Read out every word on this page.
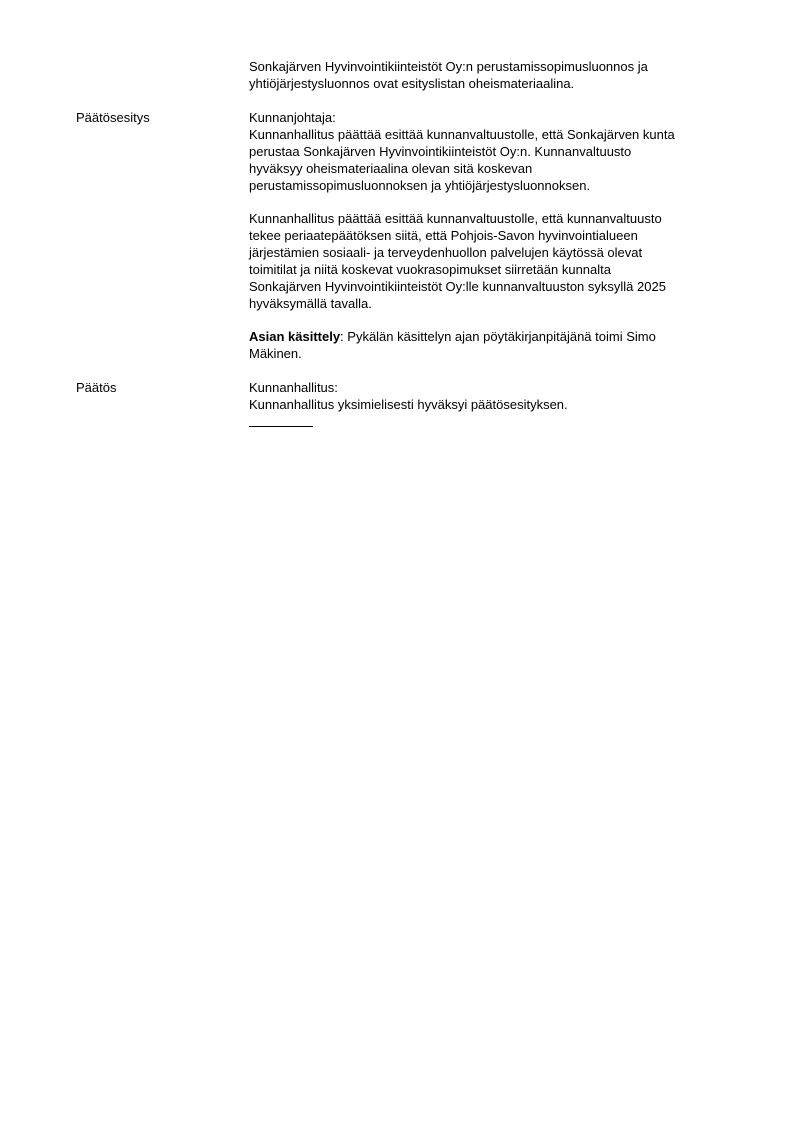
Sonkajärven Hyvinvointikiinteistöt Oy:n perustamissopimusluonnos ja
yhtiöjärjestysluonnos ovat esityslistan oheismateriaalina.
Päätösesitys	Kunnanjohtaja:
Kunnanhallitus päättää esittää kunnanvaltuustolle, että Sonkajärven kunta
perustaa Sonkajärven Hyvinvointikiinteistöt Oy:n. Kunnanvaltuusto
hyväksyy oheismateriaalina olevan sitä koskevan
perustamissopimusluonnoksen ja yhtiöjärjestysluonnoksen.
Kunnanhallitus päättää esittää kunnanvaltuustolle, että kunnanvaltuusto
tekee periaatepäätöksen siitä, että Pohjois-Savon hyvinvointialueen
järjestämien sosiaali- ja terveydenhuollon palvelujen käytössä olevat
toimitilat ja niitä koskevat vuokrasopimukset siirretään kunnalta
Sonkajärven Hyvinvointikiinteistöt Oy:lle kunnanvaltuuston syksyllä 2025
hyväksymällä tavalla.
Asian käsittely: Pykälän käsittelyn ajan pöytäkirjanpitäjänä toimi Simo
Mäkinen.
Päätös	Kunnanhallitus:
Kunnanhallitus yksimielisesti hyväksyi päätösesityksen.
